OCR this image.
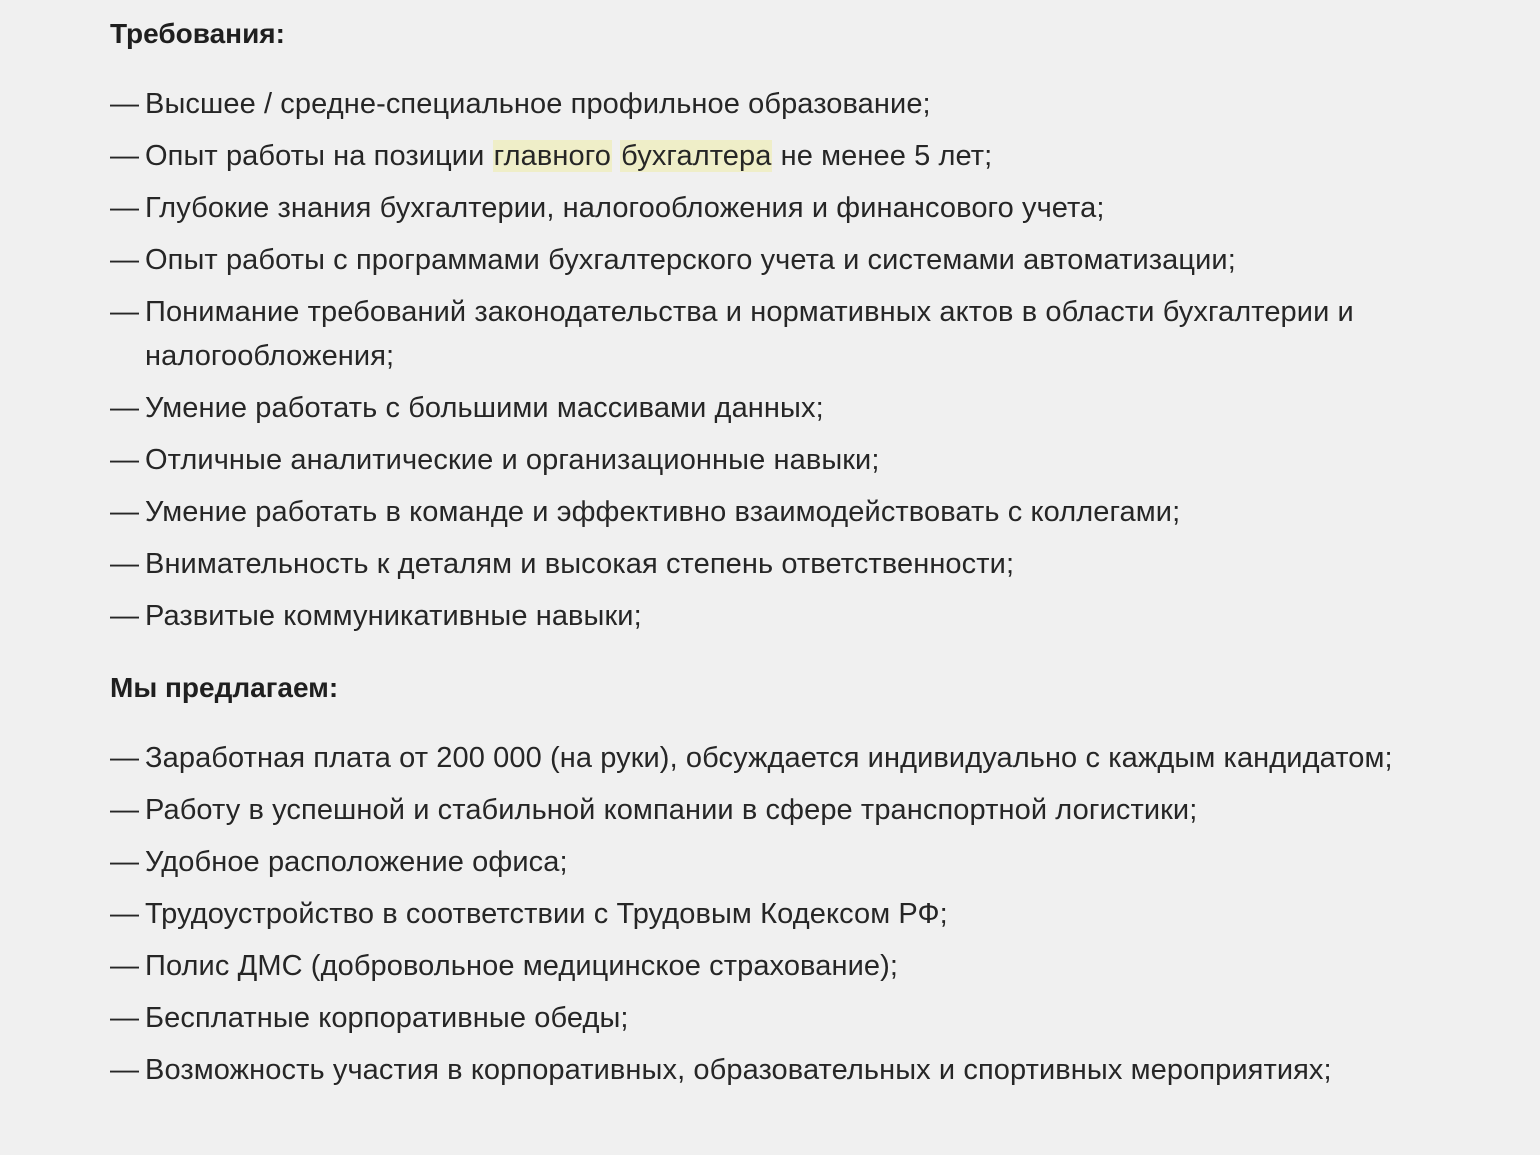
Требования:
— Высшее / средне-специальное профильное образование;
— Опыт работы на позиции главного бухгалтера не менее 5 лет;
— Глубокие знания бухгалтерии, налогообложения и финансового учета;
— Опыт работы с программами бухгалтерского учета и системами автоматизации;
— Понимание требований законодательства и нормативных актов в области бухгалтерии и налогообложения;
— Умение работать с большими массивами данных;
— Отличные аналитические и организационные навыки;
— Умение работать в команде и эффективно взаимодействовать с коллегами;
— Внимательность к деталям и высокая степень ответственности;
— Развитые коммуникативные навыки;
Мы предлагаем:
— Заработная плата от 200 000 (на руки), обсуждается индивидуально с каждым кандидатом;
— Работу в успешной и стабильной компании в сфере транспортной логистики;
— Удобное расположение офиса;
— Трудоустройство в соответствии с Трудовым Кодексом РФ;
— Полис ДМС (добровольное медицинское страхование);
— Бесплатные корпоративные обеды;
— Возможность участия в корпоративных, образовательных и спортивных мероприятиях;
